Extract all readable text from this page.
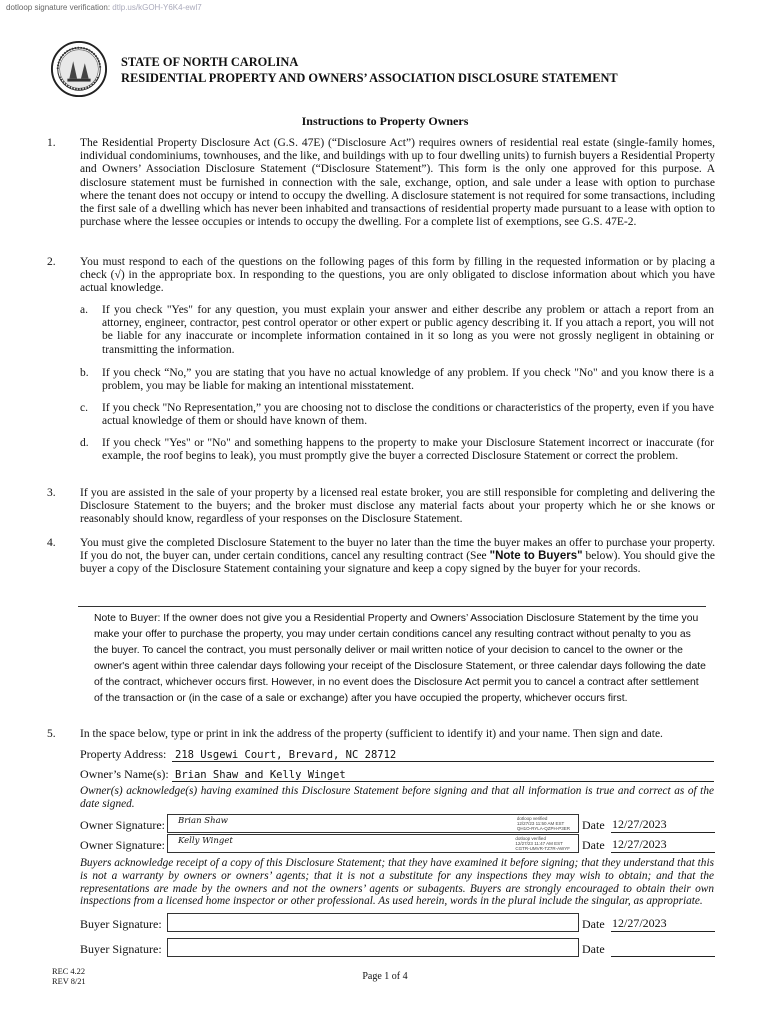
dotloop signature verification: dtlp.us/kGOH-Y6K4-ewl7
STATE OF NORTH CAROLINA
RESIDENTIAL PROPERTY AND OWNERS’ ASSOCIATION DISCLOSURE STATEMENT
Instructions to Property Owners
1.	The Residential Property Disclosure Act (G.S. 47E) (“Disclosure Act”) requires owners of residential real estate (single-family homes, individual condominiums, townhouses, and the like, and buildings with up to four dwelling units) to furnish buyers a Residential Property and Owners’ Association Disclosure Statement (“Disclosure Statement”). This form is the only one approved for this purpose. A disclosure statement must be furnished in connection with the sale, exchange, option, and sale under a lease with option to purchase where the tenant does not occupy or intend to occupy the dwelling. A disclosure statement is not required for some transactions, including the first sale of a dwelling which has never been inhabited and transactions of residential property made pursuant to a lease with option to purchase where the lessee occupies or intends to occupy the dwelling. For a complete list of exemptions, see G.S. 47E-2.
2.	You must respond to each of the questions on the following pages of this form by filling in the requested information or by placing a check (√) in the appropriate box. In responding to the questions, you are only obligated to disclose information about which you have actual knowledge.
a.	If you check "Yes" for any question, you must explain your answer and either describe any problem or attach a report from an attorney, engineer, contractor, pest control operator or other expert or public agency describing it. If you attach a report, you will not be liable for any inaccurate or incomplete information contained in it so long as you were not grossly negligent in obtaining or transmitting the information.
b.	If you check “No,” you are stating that you have no actual knowledge of any problem. If you check "No" and you know there is a problem, you may be liable for making an intentional misstatement.
c.	If you check "No Representation,” you are choosing not to disclose the conditions or characteristics of the property, even if you have actual knowledge of them or should have known of them.
d.	If you check "Yes" or "No" and something happens to the property to make your Disclosure Statement incorrect or inaccurate (for example, the roof begins to leak), you must promptly give the buyer a corrected Disclosure Statement or correct the problem.
3.	If you are assisted in the sale of your property by a licensed real estate broker, you are still responsible for completing and delivering the Disclosure Statement to the buyers; and the broker must disclose any material facts about your property which he or she knows or reasonably should know, regardless of your responses on the Disclosure Statement.
4.	You must give the completed Disclosure Statement to the buyer no later than the time the buyer makes an offer to purchase your property. If you do not, the buyer can, under certain conditions, cancel any resulting contract (See "Note to Buyers" below). You should give the buyer a copy of the Disclosure Statement containing your signature and keep a copy signed by the buyer for your records.
Note to Buyer: If the owner does not give you a Residential Property and Owners’ Association Disclosure Statement by the time you make your offer to purchase the property, you may under certain conditions cancel any resulting contract without penalty to you as the buyer. To cancel the contract, you must personally deliver or mail written notice of your decision to cancel to the owner or the owner's agent within three calendar days following your receipt of the Disclosure Statement, or three calendar days following the date of the contract, whichever occurs first. However, in no event does the Disclosure Act permit you to cancel a contract after settlement of the transaction or (in the case of a sale or exchange) after you have occupied the property, whichever occurs first.
5.	In the space below, type or print in ink the address of the property (sufficient to identify it) and your name. Then sign and date.
Property Address: 218 Usgewi Court, Brevard, NC 28712
Owner’s Name(s): Brian Shaw and Kelly Winget
Owner(s) acknowledge(s) having examined this Disclosure Statement before signing and that all information is true and correct as of the date signed.
Owner Signature: Brian Shaw	dotloop verified
12/27/23 11:50 AM EST
QH1O-RYLA-QZPH-P3ER Date 12/27/2023
Owner Signature: Kelly Winget	dotloop verified
12/27/23 11:47 AM EST
CGTR-UMVR-TZ7R-AWYF Date 12/27/2023
Buyers acknowledge receipt of a copy of this Disclosure Statement; that they have examined it before signing; that they understand that this is not a warranty by owners or owners’ agents; that it is not a substitute for any inspections they may wish to obtain; and that the representations are made by the owners and not the owners’ agents or subagents. Buyers are strongly encouraged to obtain their own inspections from a licensed home inspector or other professional. As used herein, words in the plural include the singular, as appropriate.
Buyer Signature:	Date 12/27/2023
Buyer Signature:	Date
REC 4.22
REV 8/21	Page 1 of 4
